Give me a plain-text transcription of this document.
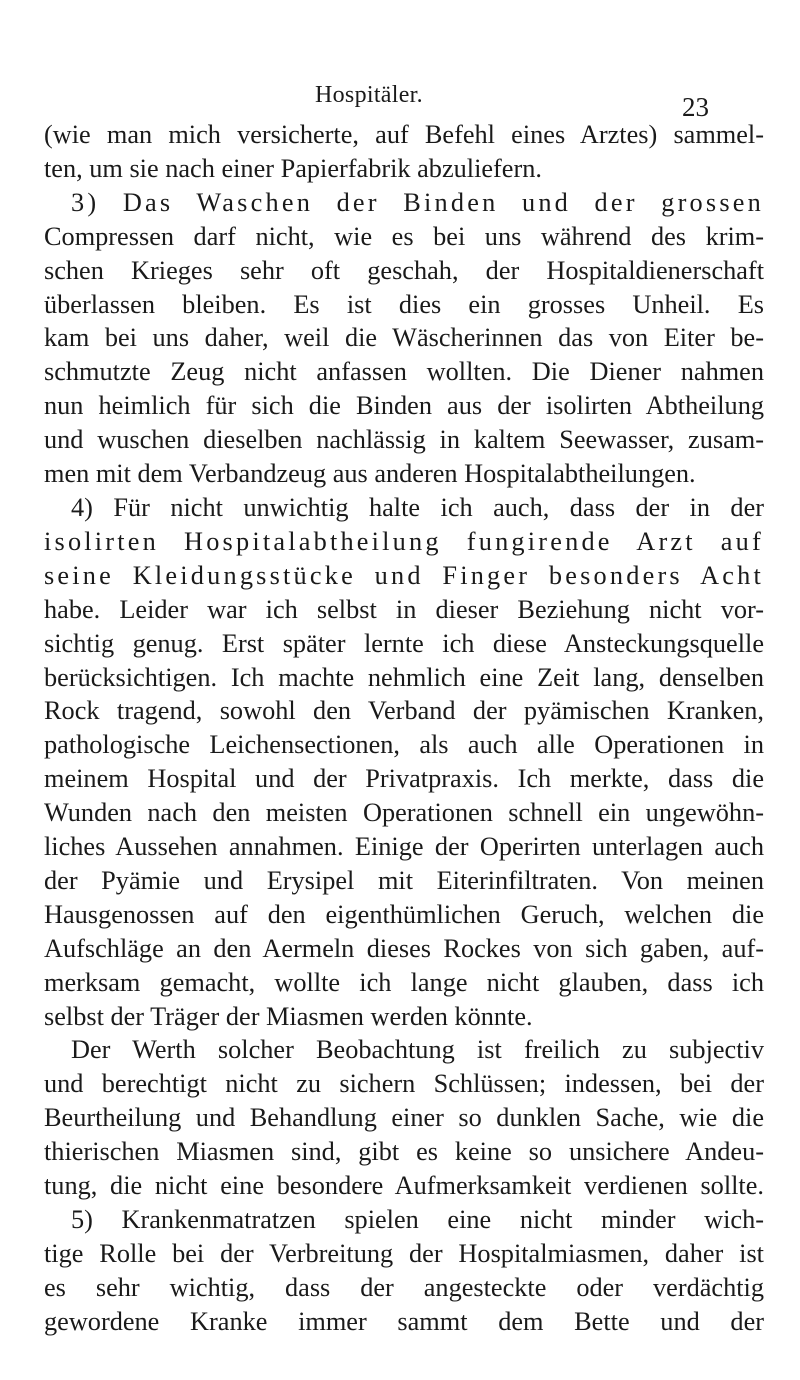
Hospitäler.	23
(wie man mich versicherte, auf Befehl eines Arztes) sammel-
ten, um sie nach einer Papierfabrik abzuliefern.
3) Das Waschen der Binden und der grossen
Compressen darf nicht, wie es bei uns während des krim-
schen Krieges sehr oft geschah, der Hospitaldienerschaft
überlassen bleiben. Es ist dies ein grosses Unheil. Es
kam bei uns daher, weil die Wäscherinnen das von Eiter be-
schmutzte Zeug nicht anfassen wollten. Die Diener nahmen
nun heimlich für sich die Binden aus der isolirten Abtheilung
und wuschen dieselben nachlässig in kaltem Seewasser, zusam-
men mit dem Verbandzeug aus anderen Hospitalabtheilungen.
4) Für nicht unwichtig halte ich auch, dass der in der
isolirten Hospitalabtheilung fungirende Arzt auf
seine Kleidungsstücke und Finger besonders Acht
habe. Leider war ich selbst in dieser Beziehung nicht vor-
sichtig genug. Erst später lernte ich diese Ansteckungsquelle
berücksichtigen. Ich machte nehmlich eine Zeit lang, denselben
Rock tragend, sowohl den Verband der pyämischen Kranken,
pathologische Leichensectionen, als auch alle Operationen in
meinem Hospital und der Privatpraxis. Ich merkte, dass die
Wunden nach den meisten Operationen schnell ein ungewöhn-
liches Aussehen annahmen. Einige der Operirten unterlagen auch
der Pyämie und Erysipel mit Eiterinfiltraten. Von meinen
Hausgenossen auf den eigenthümlichen Geruch, welchen die
Aufschläge an den Aermeln dieses Rockes von sich gaben, auf-
merksam gemacht, wollte ich lange nicht glauben, dass ich
selbst der Träger der Miasmen werden könnte.
Der Werth solcher Beobachtung ist freilich zu subjectiv
und berechtigt nicht zu sichern Schlüssen; indessen, bei der
Beurtheilung und Behandlung einer so dunklen Sache, wie die
thierischen Miasmen sind, gibt es keine so unsichere Andeu-
tung, die nicht eine besondere Aufmerksamkeit verdienen sollte.
5) Krankenmatratzen spielen eine nicht minder wich-
tige Rolle bei der Verbreitung der Hospitalmiasmen, daher ist
es sehr wichtig, dass der angesteckte oder verdächtig
gewordene Kranke immer sammt dem Bette und der
